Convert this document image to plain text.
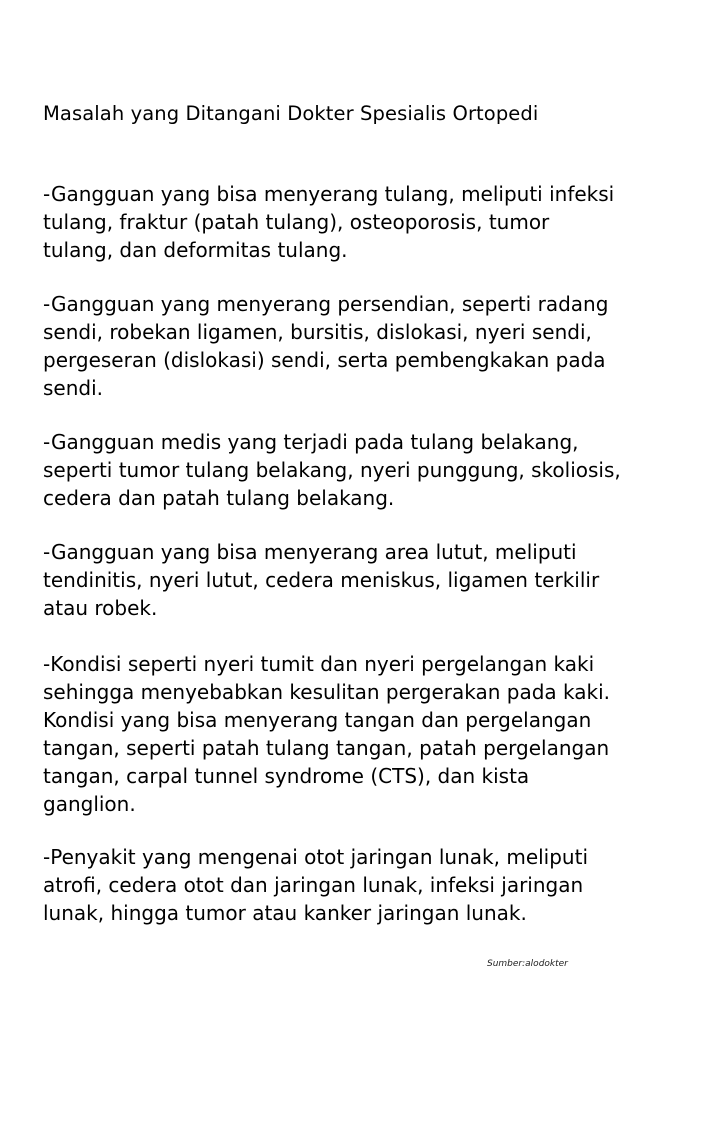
Masalah yang Ditangani Dokter Spesialis Ortopedi

-Gangguan yang bisa menyerang tulang, meliputi infeksi
tulang, fraktur (patah tulang), osteoporosis, tumor
tulang, dan deformitas tulang.

-Gangguan yang menyerang persendian, seperti radang
sendi, robekan ligamen, bursitis, dislokasi, nyeri sendi,
pergeseran (dislokasi) sendi, serta pembengkakan pada
sendi.

-Gangguan medis yang terjadi pada tulang belakang,
seperti tumor tulang belakang, nyeri punggung, skoliosis,
cedera dan patah tulang belakang.

-Gangguan yang bisa menyerang area lutut, meliputi
tendinitis, nyeri lutut, cedera meniskus, ligamen terkilir
atau robek.

-Kondisi seperti nyeri tumit dan nyeri pergelangan kaki
sehingga menyebabkan kesulitan pergerakan pada kaki.
Kondisi yang bisa menyerang tangan dan pergelangan
tangan, seperti patah tulang tangan, patah pergelangan
tangan, carpal tunnel syndrome (CTS), dan kista
ganglion.

-Penyakit yang mengenai otot jaringan lunak, meliputi
atrofi, cedera otot dan jaringan lunak, infeksi jaringan
lunak, hingga tumor atau kanker jaringan lunak.

Sumber:alodokter
